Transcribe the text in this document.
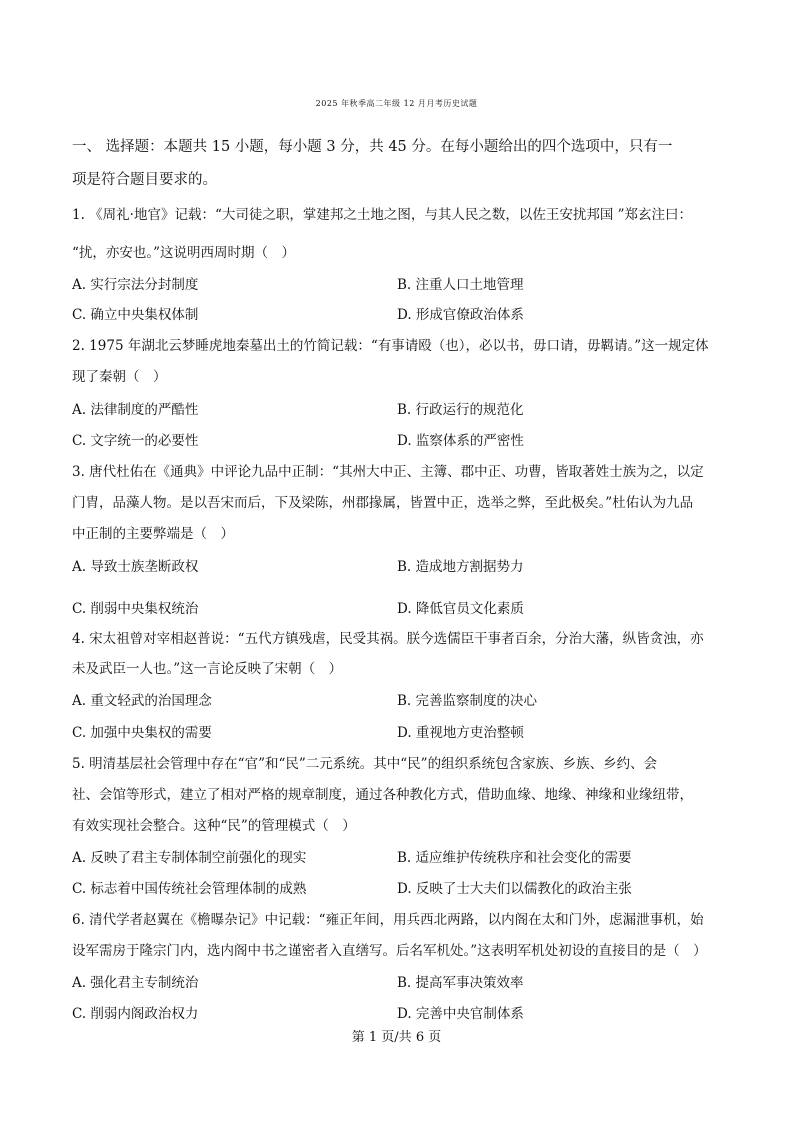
2025 年秋季高二年级 12 月月考历史试题
一、 选择题：本题共 15 小题，每小题 3 分，共 45 分。在每小题给出的四个选项中，只有一
项是符合题目要求的。
1. 《周礼·地官》记载：“大司徒之职，掌建邦之土地之图，与其人民之数，以佐王安扰邦国 ”郑玄注曰：
“扰，亦安也。”这说明西周时期（　）
A. 实行宗法分封制度	B. 注重人口土地管理
C. 确立中央集权体制	D. 形成官僚政治体系
2. 1975 年湖北云梦睡虎地秦墓出土的竹简记载：“有事请殴（也），必以书，毋口请，毋羁请。”这一规定体
现了秦朝（　）
A. 法律制度的严酷性	B. 行政运行的规范化
C. 文字统一的必要性	D. 监察体系的严密性
3. 唐代杜佑在《通典》中评论九品中正制：“其州大中正、主簿、郡中正、功曹，皆取著姓士族为之，以定
门胄，品藻人物。是以吾宋而后，下及梁陈，州郡掾属，皆置中正，选举之弊，至此极矣。”杜佑认为九品
中正制的主要弊端是（　）
A. 导致士族垄断政权	B. 造成地方割据势力
C. 削弱中央集权统治	D. 降低官员文化素质
4. 宋太祖曾对宰相赵普说：“五代方镇残虐，民受其祸。朕今选儒臣干事者百余，分治大藩，纵皆贪浊，亦
未及武臣一人也。”这一言论反映了宋朝（　）
A. 重文轻武的治国理念	B. 完善监察制度的决心
C. 加强中央集权的需要	D. 重视地方吏治整顿
5. 明清基层社会管理中存在“官”和“民”二元系统。其中“民”的组织系统包含家族、乡族、乡约、会
社、会馆等形式，建立了相对严格的规章制度，通过各种教化方式，借助血缘、地缘、神缘和业缘纽带，
有效实现社会整合。这种“民”的管理模式（　）
A. 反映了君主专制体制空前强化的现实	B. 适应维护传统秩序和社会变化的需要
C. 标志着中国传统社会管理体制的成熟	D. 反映了士大夫们以儒教化的政治主张
6. 清代学者赵翼在《檐曝杂记》中记载：“雍正年间，用兵西北两路，以内阁在太和门外，虑漏泄事机，始
设军需房于隆宗门内，选内阁中书之谨密者入直缮写。后名军机处。”这表明军机处初设的直接目的是（　）
A. 强化君主专制统治	B. 提高军事决策效率
C. 削弱内阁政治权力	D. 完善中央官制体系
第 1 页/共 6 页
